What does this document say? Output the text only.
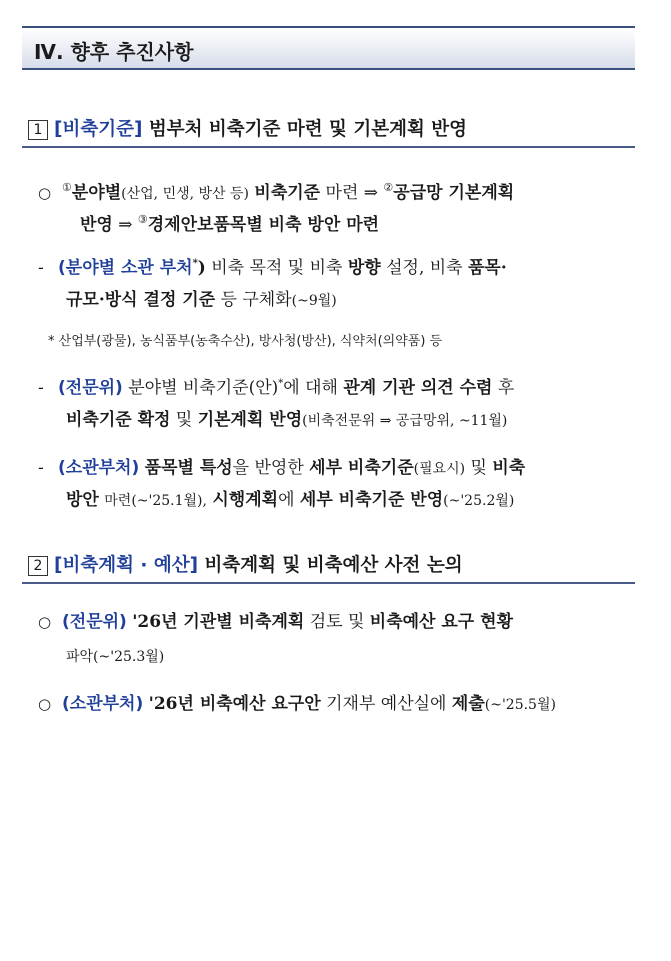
Ⅳ. 향후 추진사항
1 [비축기준] 범부처 비축기준 마련 및 기본계획 반영
○ ①분야별(산업, 민생, 방산 등) 비축기준 마련 ⇒ ②공급망 기본계획
반영 ⇒ ③경제안보품목별 비축 방안 마련
- (분야별 소관 부처*) 비축 목적 및 비축 방향 설정, 비축 품목·
규모·방식 결정 기준 등 구체화(~9월)
* 산업부(광물), 농식품부(농축수산), 방사청(방산), 식약처(의약품) 등
- (전문위) 분야별 비축기준(안)*에 대해 관계 기관 의견 수렴 후
비축기준 확정 및 기본계획 반영(비축전문위 ⇒ 공급망위, ~11월)
- (소관부처) 품목별 특성을 반영한 세부 비축기준(필요시) 및 비축
방안 마련(~'25.1월), 시행계획에 세부 비축기준 반영(~'25.2월)
2 [비축계획 · 예산] 비축계획 및 비축예산 사전 논의
○ (전문위) '26년 기관별 비축계획 검토 및 비축예산 요구 현황
파악(~'25.3월)
○ (소관부처) '26년 비축예산 요구안 기재부 예산실에 제출(~'25.5월)
